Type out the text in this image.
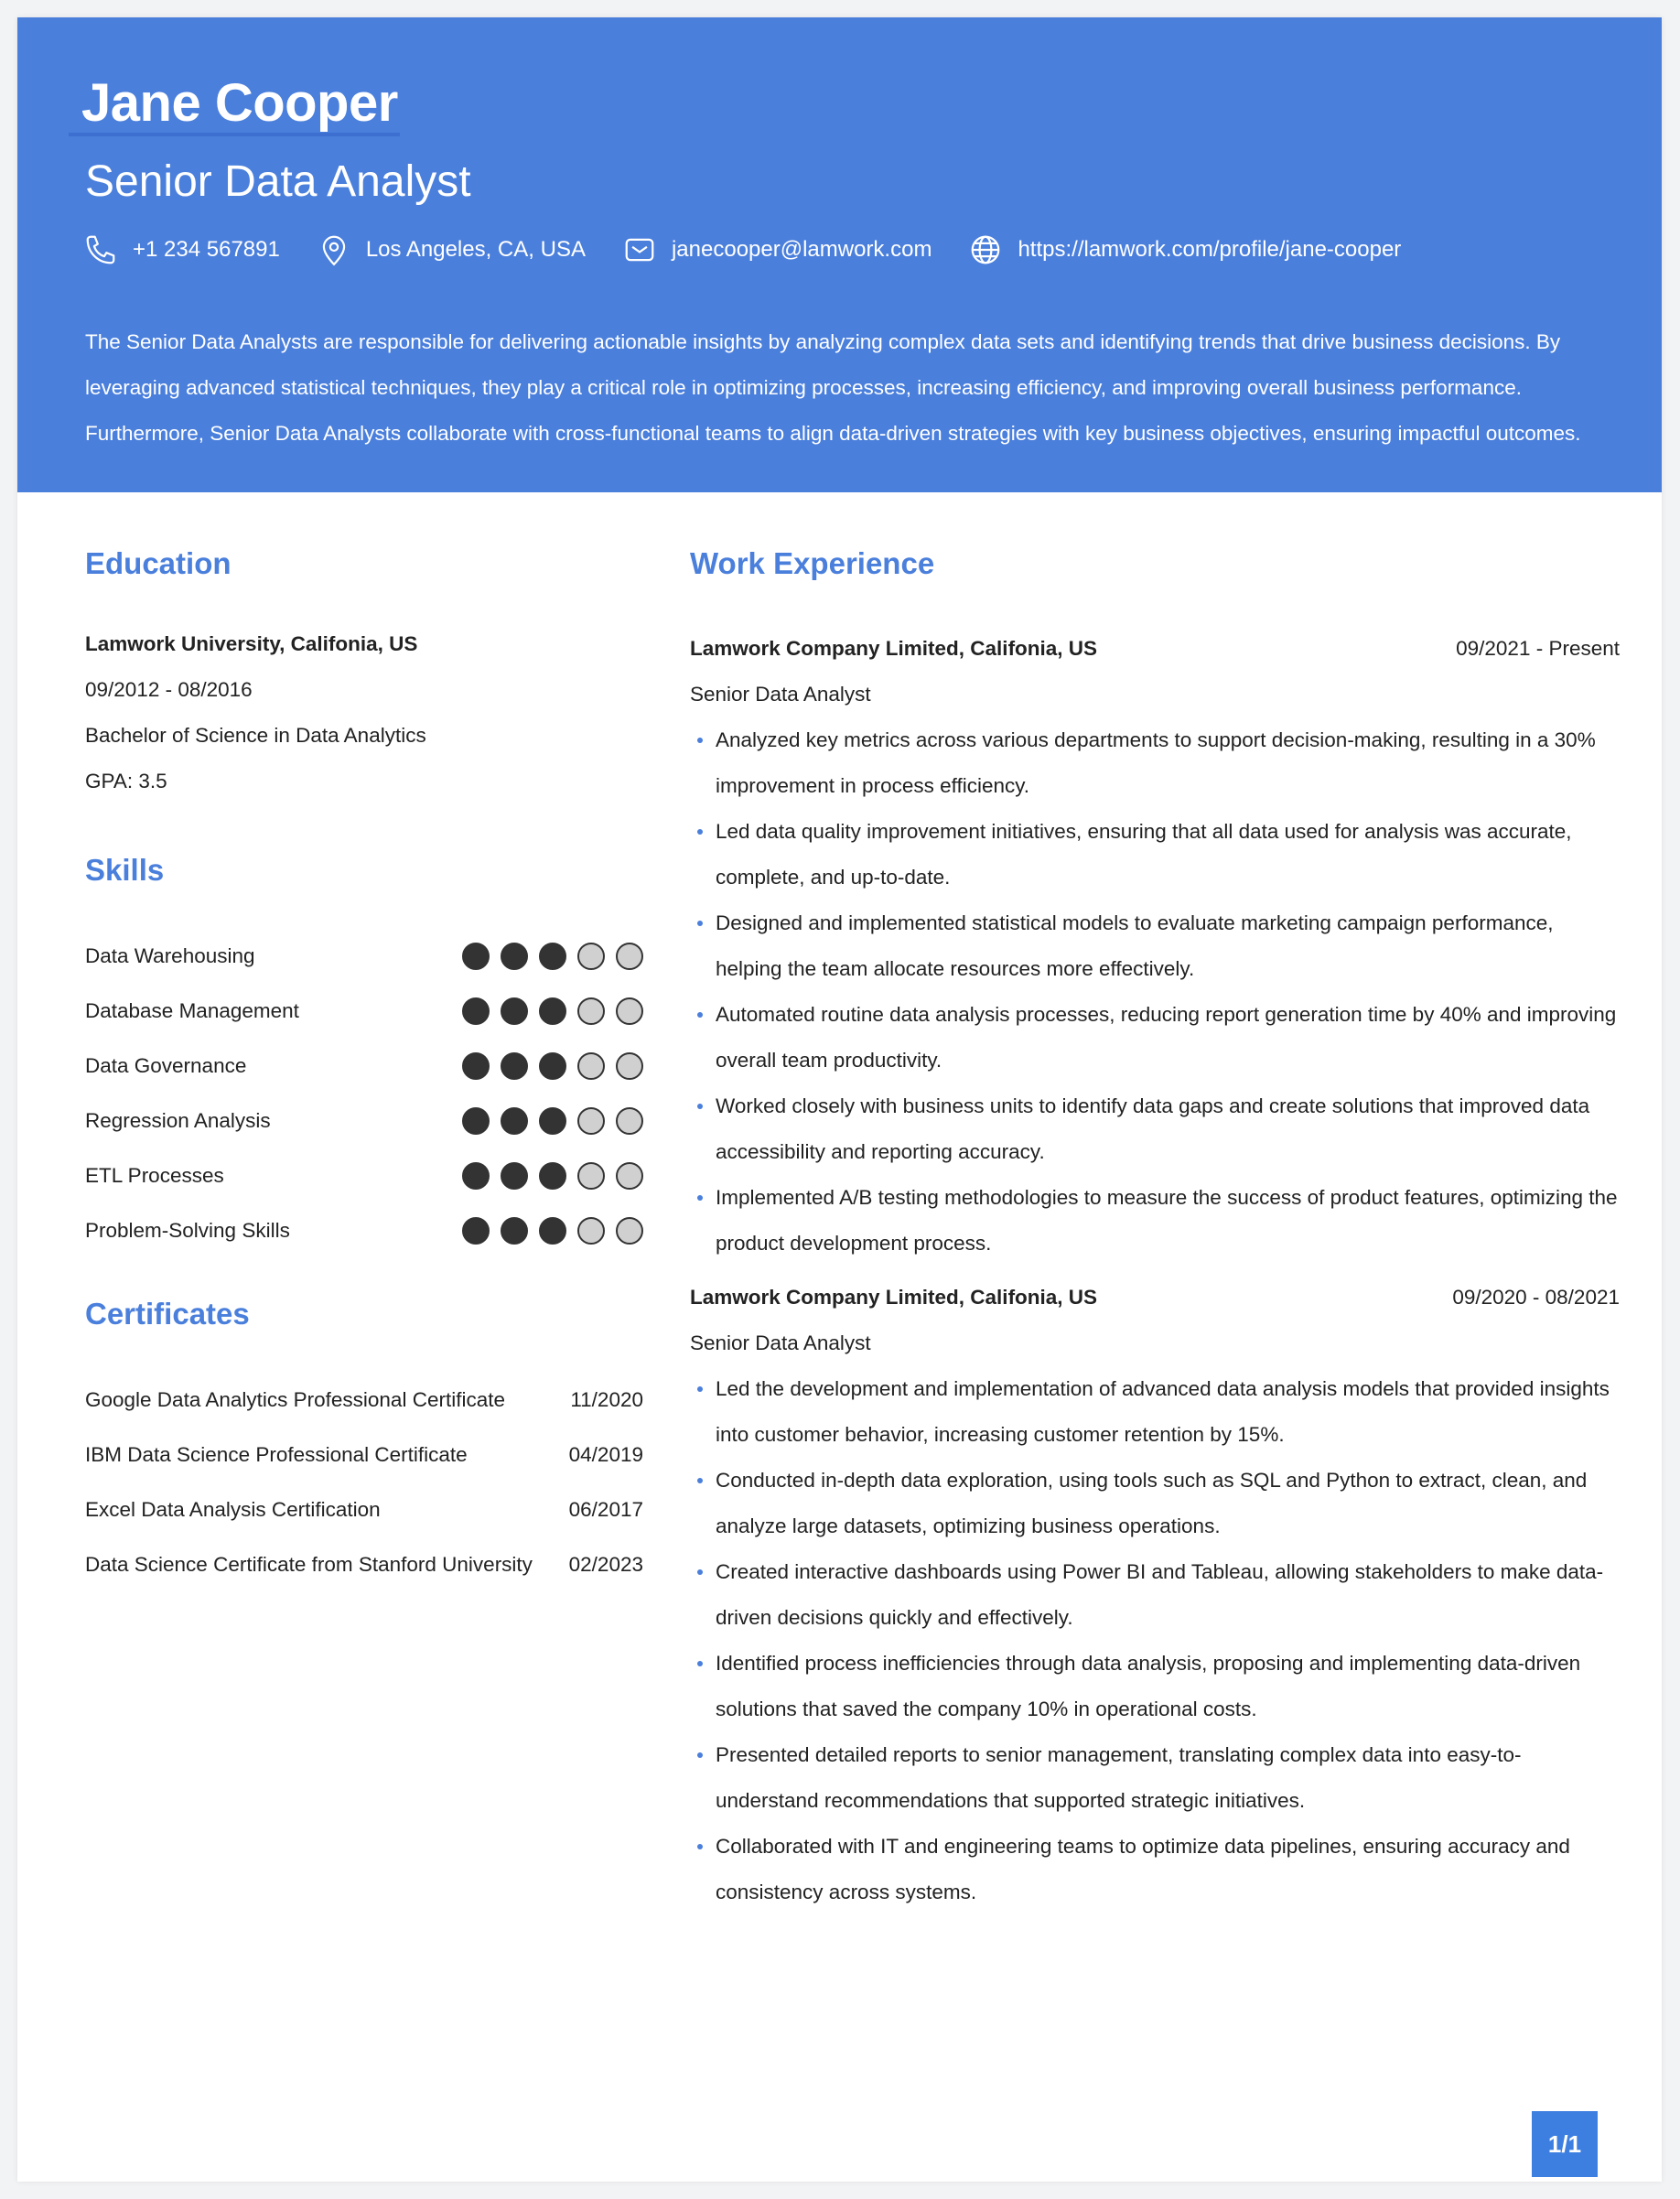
Jane Cooper
Senior Data Analyst
+1 234 567891	Los Angeles, CA, USA	janecooper@lamwork.com	https://lamwork.com/profile/jane-cooper
The Senior Data Analysts are responsible for delivering actionable insights by analyzing complex data sets and identifying trends that drive business decisions. By leveraging advanced statistical techniques, they play a critical role in optimizing processes, increasing efficiency, and improving overall business performance. Furthermore, Senior Data Analysts collaborate with cross-functional teams to align data-driven strategies with key business objectives, ensuring impactful outcomes.
Education
Lamwork University, Califonia, US
09/2012 - 08/2016
Bachelor of Science in Data Analytics
GPA: 3.5
Skills
Data Warehousing
Database Management
Data Governance
Regression Analysis
ETL Processes
Problem-Solving Skills
Certificates
Google Data Analytics Professional Certificate	11/2020
IBM Data Science Professional Certificate	04/2019
Excel Data Analysis Certification	06/2017
Data Science Certificate from Stanford University 02/2023
Work Experience
Lamwork Company Limited, Califonia, US	09/2021 - Present
Senior Data Analyst
Analyzed key metrics across various departments to support decision-making, resulting in a 30% improvement in process efficiency.
Led data quality improvement initiatives, ensuring that all data used for analysis was accurate, complete, and up-to-date.
Designed and implemented statistical models to evaluate marketing campaign performance, helping the team allocate resources more effectively.
Automated routine data analysis processes, reducing report generation time by 40% and improving overall team productivity.
Worked closely with business units to identify data gaps and create solutions that improved data accessibility and reporting accuracy.
Implemented A/B testing methodologies to measure the success of product features, optimizing the product development process.
Lamwork Company Limited, Califonia, US	09/2020 - 08/2021
Senior Data Analyst
Led the development and implementation of advanced data analysis models that provided insights into customer behavior, increasing customer retention by 15%.
Conducted in-depth data exploration, using tools such as SQL and Python to extract, clean, and analyze large datasets, optimizing business operations.
Created interactive dashboards using Power BI and Tableau, allowing stakeholders to make data-driven decisions quickly and effectively.
Identified process inefficiencies through data analysis, proposing and implementing data-driven solutions that saved the company 10% in operational costs.
Presented detailed reports to senior management, translating complex data into easy-to-understand recommendations that supported strategic initiatives.
Collaborated with IT and engineering teams to optimize data pipelines, ensuring accuracy and consistency across systems.
1/1
